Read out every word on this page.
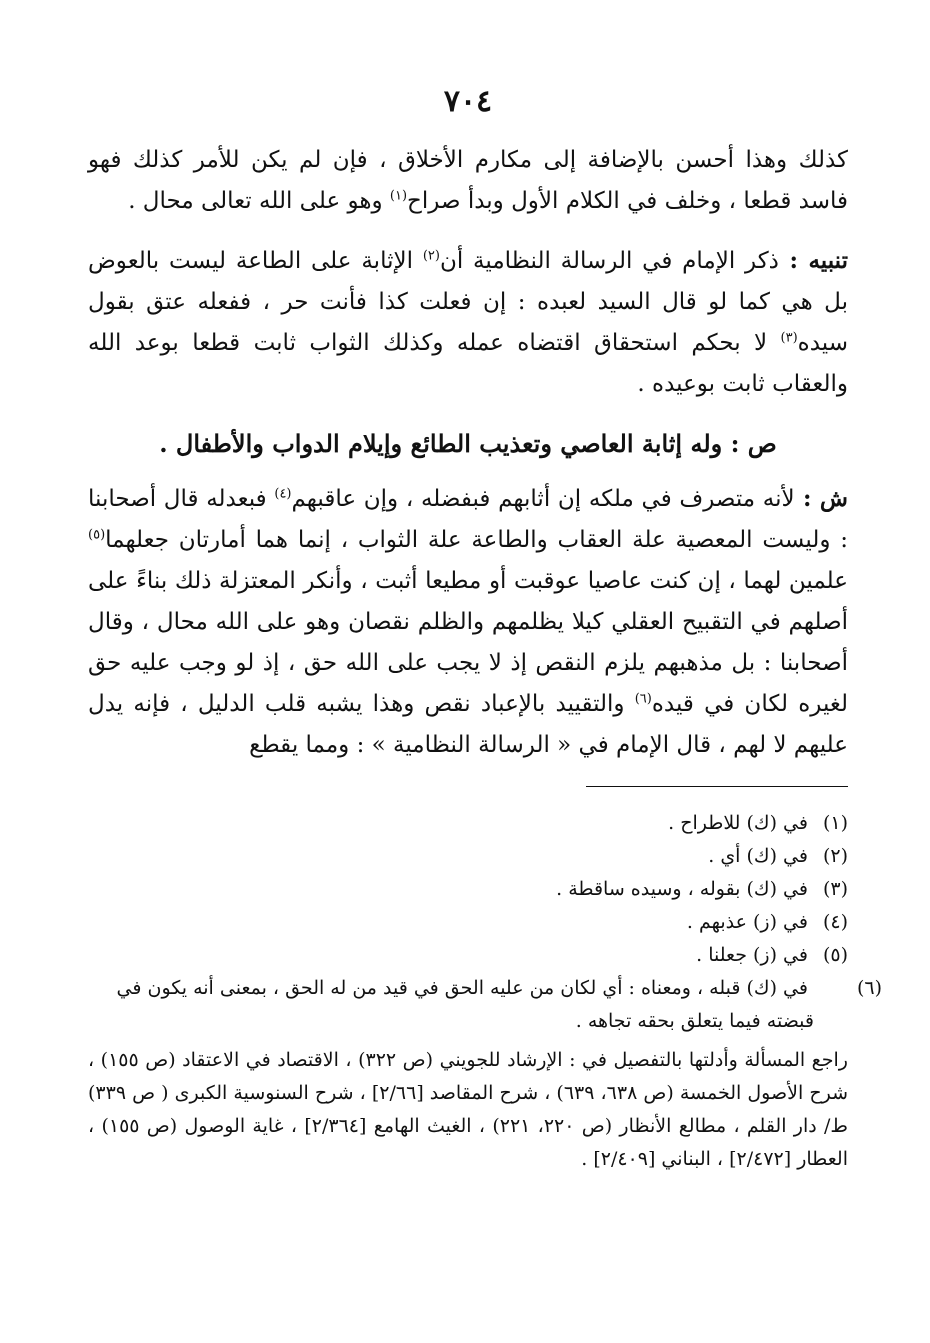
٧٠٤

كذلك وهذا أحسن بالإضافة إلى مكارم الأخلاق ، فإن لم يكن للأمر كذلك فهو فاسد قطعا ، وخلف في الكلام الأول وبدأ صراح$^{(١)}$ وهو على الله تعالى محال .

تنبيه : ذكر الإمام في الرسالة النظامية أن$^{(٢)}$ الإثابة على الطاعة ليست بالعوض بل هي كما لو قال السيد لعبده : إن فعلت كذا فأنت حر ، ففعله عتق بقول سيده$^{(٣)}$ لا بحكم استحقاق اقتضاه عمله وكذلك الثواب ثابت قطعا بوعد الله والعقاب ثابت بوعيده .

ص : وله إثابة العاصي وتعذيب الطائع وإيلام الدواب والأطفال .

ش : لأنه متصرف في ملكه إن أثابهم فبفضله ، وإن عاقبهم$^{(٤)}$ فبعدله قال أصحابنا : وليست المعصية علة العقاب والطاعة علة الثواب ، إنما هما أمارتان جعلهما$^{(٥)}$ علمين لهما ، إن كنت عاصيا عوقبت أو مطيعا أثبت ، وأنكر المعتزلة ذلك بناءً على أصلهم في التقبيح العقلي كيلا يظلمهم والظلم نقصان وهو على الله محال ، وقال أصحابنا : بل مذهبهم يلزم النقص إذ لا يجب على الله حق ، إذ لو وجب عليه حق لغيره لكان في قيده$^{(٦)}$ والتقييد بالإعباد نقص وهذا يشبه قلب الدليل ، فإنه يدل عليهم لا لهم ، قال الإمام في « الرسالة النظامية » : ومما يقطع

(١) في (ك) للاطراح .

(٢) في (ك) أي .

(٣) في (ك) بقوله ، وسيده ساقطة .

(٤) في (ز) عذبهم .

(٥) في (ز) جعلنا .

(٦) في (ك) قبله ، ومعناه : أي لكان من عليه الحق في قيد من له الحق ، بمعنى أنه يكون في قبضته فيما يتعلق بحقه تجاهه .

راجع المسألة وأدلتها بالتفصيل في : الإرشاد للجويني (ص ٣٢٢) ، الاقتصاد في الاعتقاد (ص ١٥٥) ، شرح الأصول الخمسة (ص ٦٣٨، ٦٣٩) ، شرح المقاصد [٢/٦٦] ، شرح السنوسية الكبرى ( ص ٣٣٩) ط/ دار القلم ، مطالع الأنظار (ص ٢٢٠، ٢٢١) ، الغيث الهامع [٢/٣٦٤] ، غاية الوصول (ص ١٥٥) ، العطار [٢/٤٧٢] ، البناني [٢/٤٠٩] .
